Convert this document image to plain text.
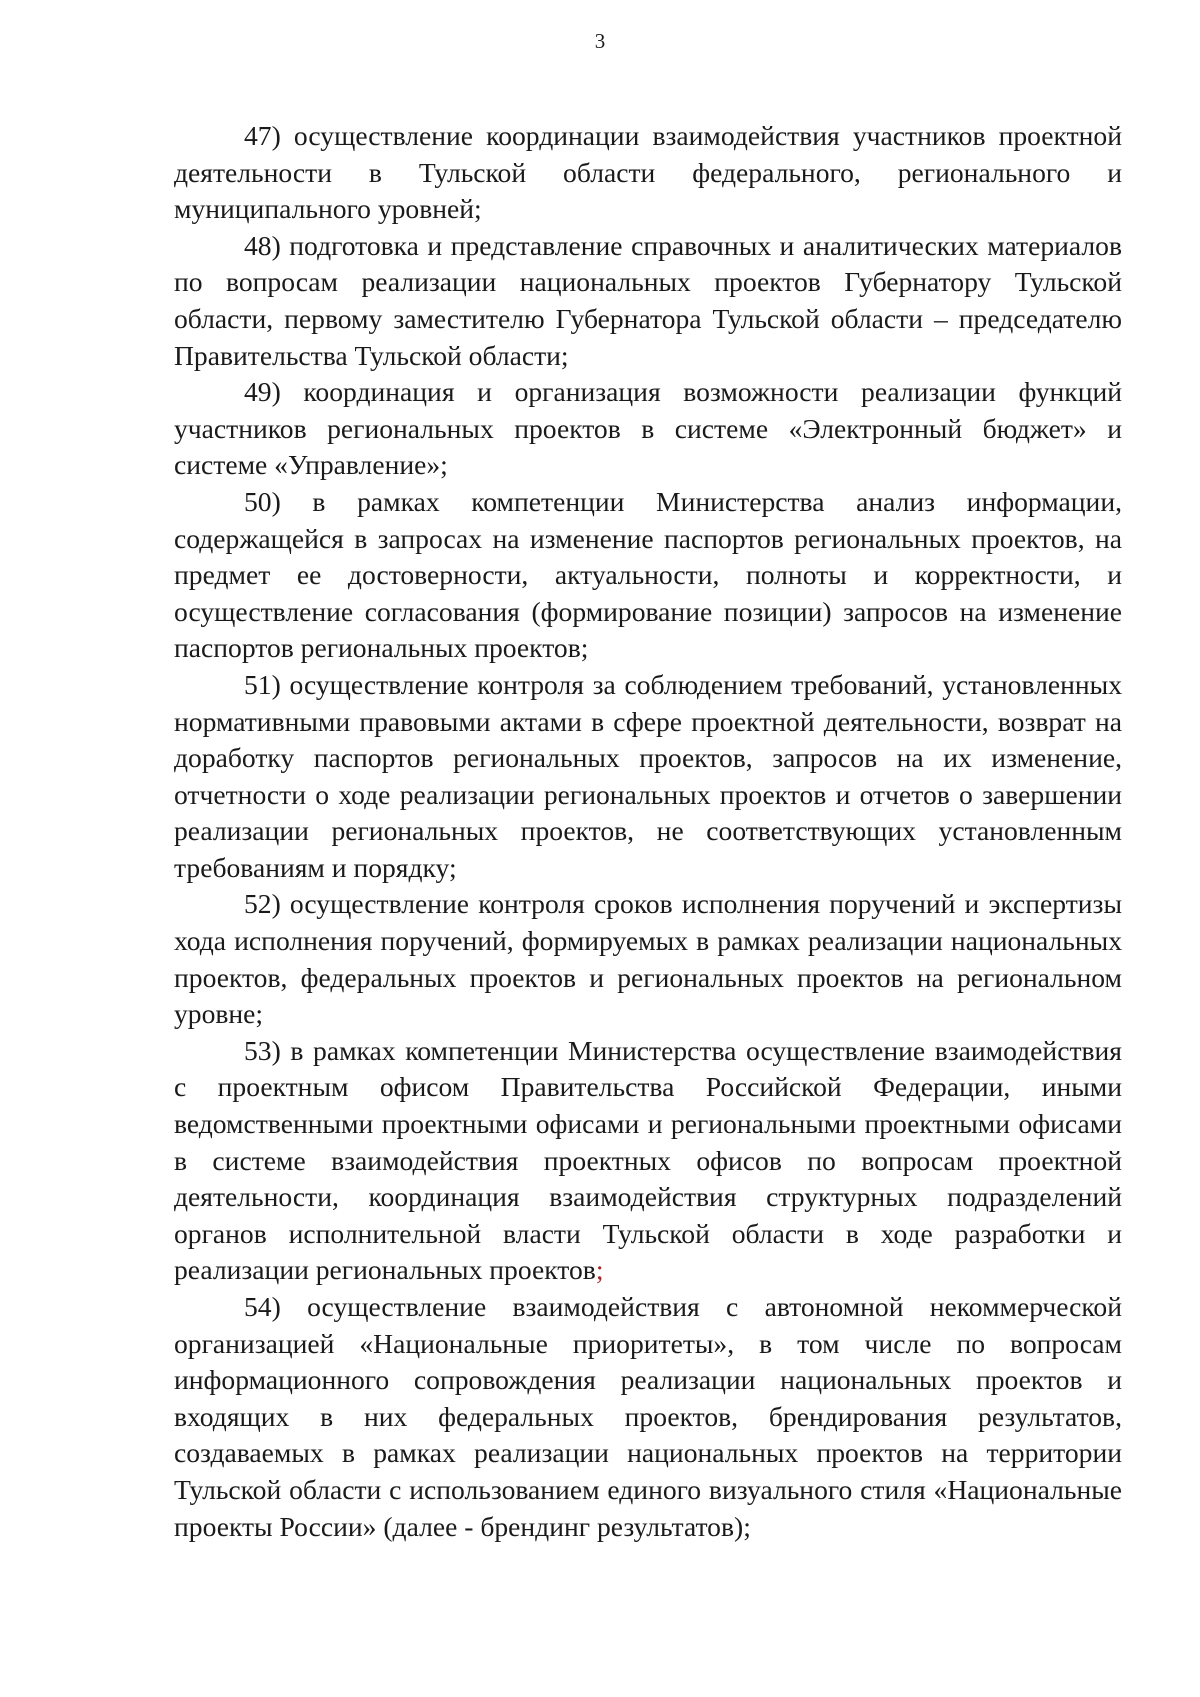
3

47) осуществление координации взаимодействия участников проектной деятельности в Тульской области федерального, регионального и муниципального уровней;

48) подготовка и представление справочных и аналитических материалов по вопросам реализации национальных проектов Губернатору Тульской области, первому заместителю Губернатора Тульской области – председателю Правительства Тульской области;

49) координация и организация возможности реализации функций участников региональных проектов в системе «Электронный бюджет» и системе «Управление»;

50) в рамках компетенции Министерства анализ информации, содержащейся в запросах на изменение паспортов региональных проектов, на предмет ее достоверности, актуальности, полноты и корректности, и осуществление согласования (формирование позиции) запросов на изменение паспортов региональных проектов;

51) осуществление контроля за соблюдением требований, установленных нормативными правовыми актами в сфере проектной деятельности, возврат на доработку паспортов региональных проектов, запросов на их изменение, отчетности о ходе реализации региональных проектов и отчетов о завершении реализации региональных проектов, не соответствующих установленным требованиям и порядку;

52) осуществление контроля сроков исполнения поручений и экспертизы хода исполнения поручений, формируемых в рамках реализации национальных проектов, федеральных проектов и региональных проектов на региональном уровне;

53) в рамках компетенции Министерства осуществление взаимодействия с проектным офисом Правительства Российской Федерации, иными ведомственными проектными офисами и региональными проектными офисами в системе взаимодействия проектных офисов по вопросам проектной деятельности, координация взаимодействия структурных подразделений органов исполнительной власти Тульской области в ходе разработки и реализации региональных проектов;

54) осуществление взаимодействия с автономной некоммерческой организацией «Национальные приоритеты», в том числе по вопросам информационного сопровождения реализации национальных проектов и входящих в них федеральных проектов, брендирования результатов, создаваемых в рамках реализации национальных проектов на территории Тульской области с использованием единого визуального стиля «Национальные проекты России» (далее - брендинг результатов);
